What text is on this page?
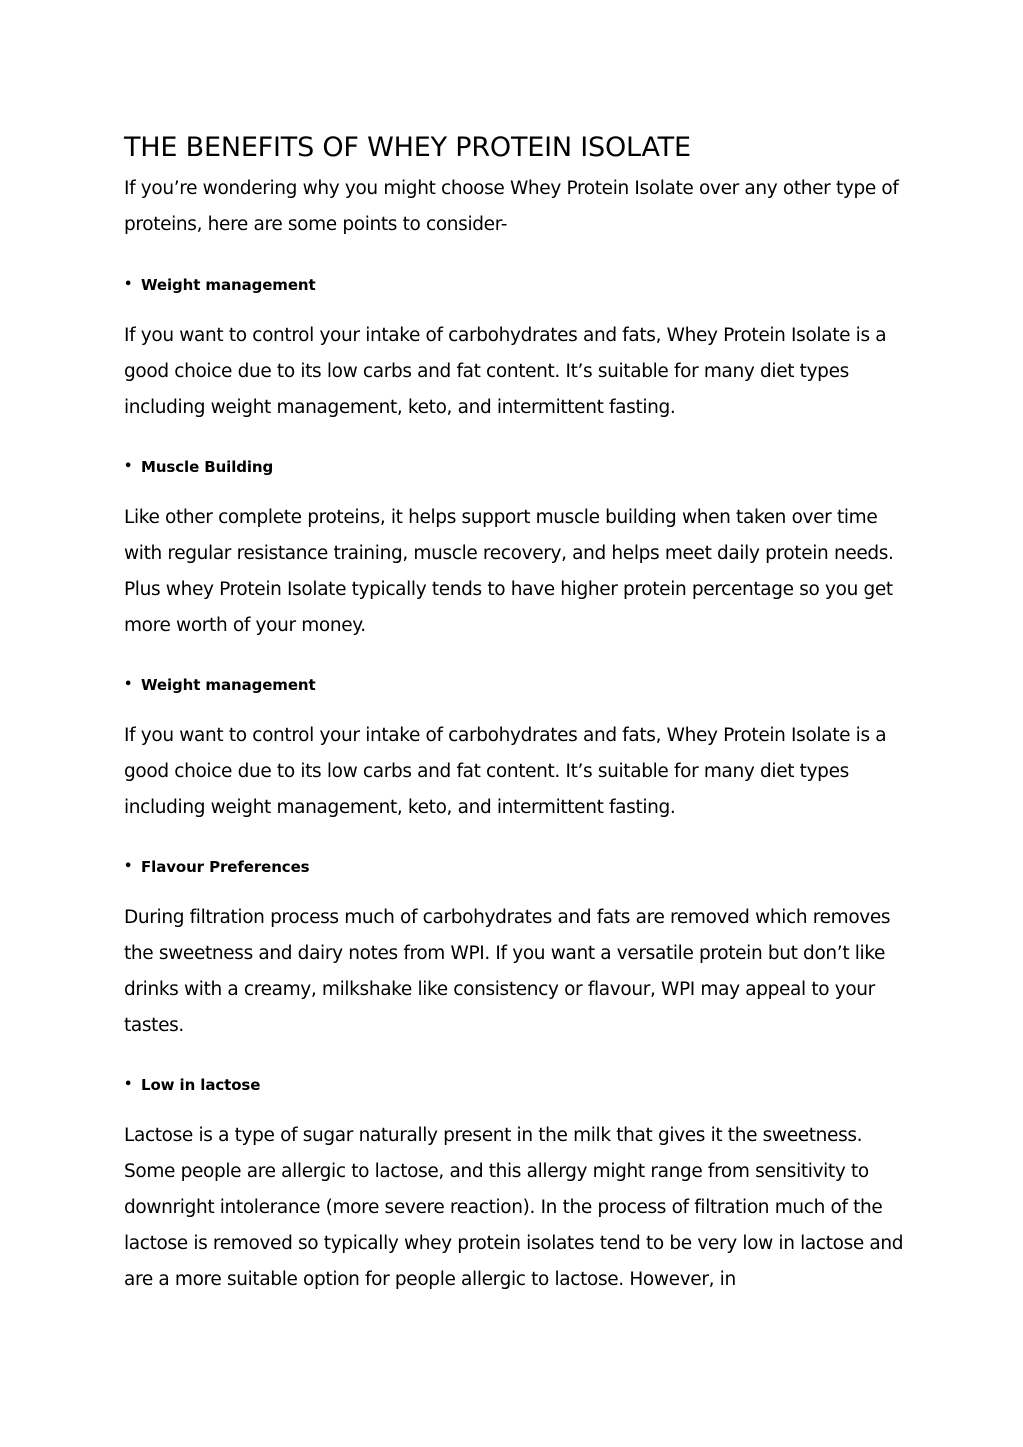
THE BENEFITS OF WHEY PROTEIN ISOLATE

If you’re wondering why you might choose Whey Protein Isolate over any other type of proteins, here are some points to consider-

• Weight management

If you want to control your intake of carbohydrates and fats, Whey Protein Isolate is a good choice due to its low carbs and fat content. It’s suitable for many diet types including weight management, keto, and intermittent fasting.

• Muscle Building

Like other complete proteins, it helps support muscle building when taken over time with regular resistance training, muscle recovery, and helps meet daily protein needs. Plus whey Protein Isolate typically tends to have higher protein percentage so you get more worth of your money.

• Weight management

If you want to control your intake of carbohydrates and fats, Whey Protein Isolate is a good choice due to its low carbs and fat content. It’s suitable for many diet types including weight management, keto, and intermittent fasting.

• Flavour Preferences

During filtration process much of carbohydrates and fats are removed which removes the sweetness and dairy notes from WPI. If you want a versatile protein but don’t like drinks with a creamy, milkshake like consistency or flavour, WPI may appeal to your tastes.

• Low in lactose

Lactose is a type of sugar naturally present in the milk that gives it the sweetness. Some people are allergic to lactose, and this allergy might range from sensitivity to downright intolerance (more severe reaction). In the process of filtration much of the lactose is removed so typically whey protein isolates tend to be very low in lactose and are a more suitable option for people allergic to lactose. However, in
